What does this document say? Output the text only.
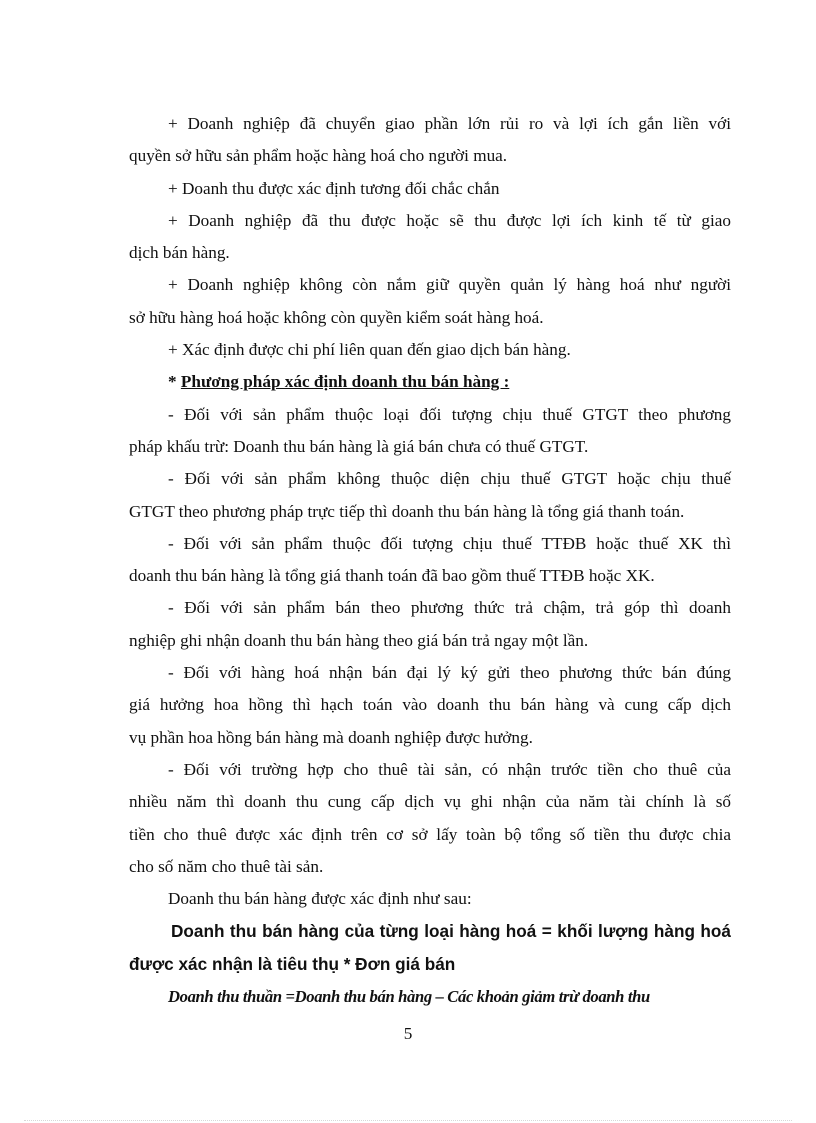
+ Doanh nghiệp đã chuyển giao phần lớn rủi ro và lợi ích gắn liền với
quyền sở hữu sản phẩm hoặc hàng hoá cho người mua.

+ Doanh thu được xác định tương đối chắc chắn

+ Doanh nghiệp đã thu được hoặc sẽ thu được lợi ích kinh tế từ giao
dịch bán hàng.

+ Doanh nghiệp không còn nắm giữ quyền quản lý hàng hoá như người
sở hữu hàng hoá hoặc không còn quyền kiểm soát hàng hoá.

+ Xác định được chi phí liên quan đến giao dịch bán hàng.

* Phương pháp xác định doanh thu bán hàng :

- Đối với sản phẩm thuộc loại đối tượng chịu thuế GTGT theo phương
pháp khấu trừ: Doanh thu bán hàng là giá bán chưa có thuế GTGT.

- Đối với sản phẩm không thuộc diện chịu thuế GTGT hoặc chịu thuế
GTGT theo phương pháp trực tiếp thì doanh thu bán hàng là tổng giá thanh toán.

- Đối với sản phẩm thuộc đối tượng chịu thuế TTĐB hoặc thuế XK thì
doanh thu bán hàng là tổng giá thanh toán đã bao gồm thuế TTĐB hoặc XK.

- Đối với sản phẩm bán theo phương thức trả chậm, trả góp thì doanh
nghiệp ghi nhận doanh thu bán hàng theo giá bán trả ngay một lần.

- Đối với hàng hoá nhận bán đại lý ký gửi theo phương thức bán đúng
giá hưởng hoa hồng thì hạch toán vào doanh thu bán hàng và cung cấp dịch
vụ phần hoa hồng bán hàng mà doanh nghiệp được hưởng.

- Đối với trường hợp cho thuê tài sản, có nhận trước tiền cho thuê của
nhiều năm thì doanh thu cung cấp dịch vụ ghi nhận của năm tài chính là số
tiền cho thuê được xác định trên cơ sở lấy toàn bộ tổng số tiền thu được chia
cho số năm cho thuê tài sản.

Doanh thu bán hàng được xác định như sau:

Doanh thu bán hàng của từng loại hàng hoá = khối lượng hàng hoá
được xác nhận là tiêu thụ * Đơn giá bán

Doanh thu thuần =Doanh thu bán hàng – Các khoản giảm trừ doanh thu

5
